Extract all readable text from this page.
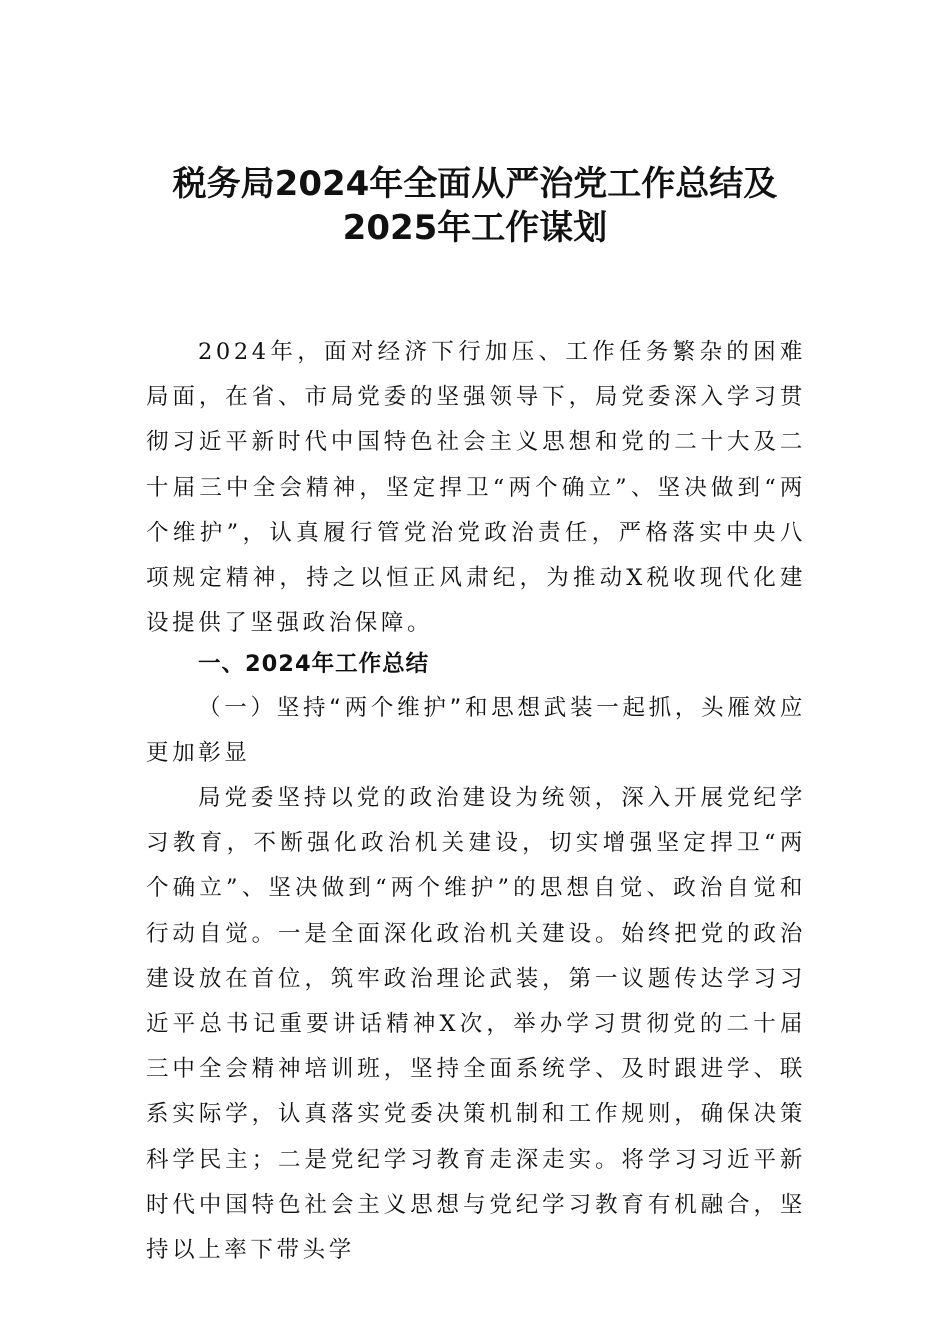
税务局2024年全面从严治党工作总结及
2025年工作谋划
2024年，面对经济下行加压、工作任务繁杂的困难局面，在省、市局党委的坚强领导下，局党委深入学习贯彻习近平新时代中国特色社会主义思想和党的二十大及二十届三中全会精神，坚定捍卫“两个确立”、坚决做到“两个维护”，认真履行管党治党政治责任，严格落实中央八项规定精神，持之以恒正风肃纪，为推动X税收现代化建设提供了坚强政治保障。
一、2024年工作总结
（一）坚持“两个维护”和思想武装一起抓，头雁效应更加彰显
局党委坚持以党的政治建设为统领，深入开展党纪学习教育，不断强化政治机关建设，切实增强坚定捍卫“两个确立”、坚决做到“两个维护”的思想自觉、政治自觉和行动自觉。一是全面深化政治机关建设。始终把党的政治建设放在首位，筑牢政治理论武装，第一议题传达学习习近平总书记重要讲话精神X次，举办学习贯彻党的二十届三中全会精神培训班，坚持全面系统学、及时跟进学、联系实际学，认真落实党委决策机制和工作规则，确保决策科学民主；二是党纪学习教育走深走实。将学习习近平新时代中国特色社会主义思想与党纪学习教育有机融合，坚持以上率下带头学
